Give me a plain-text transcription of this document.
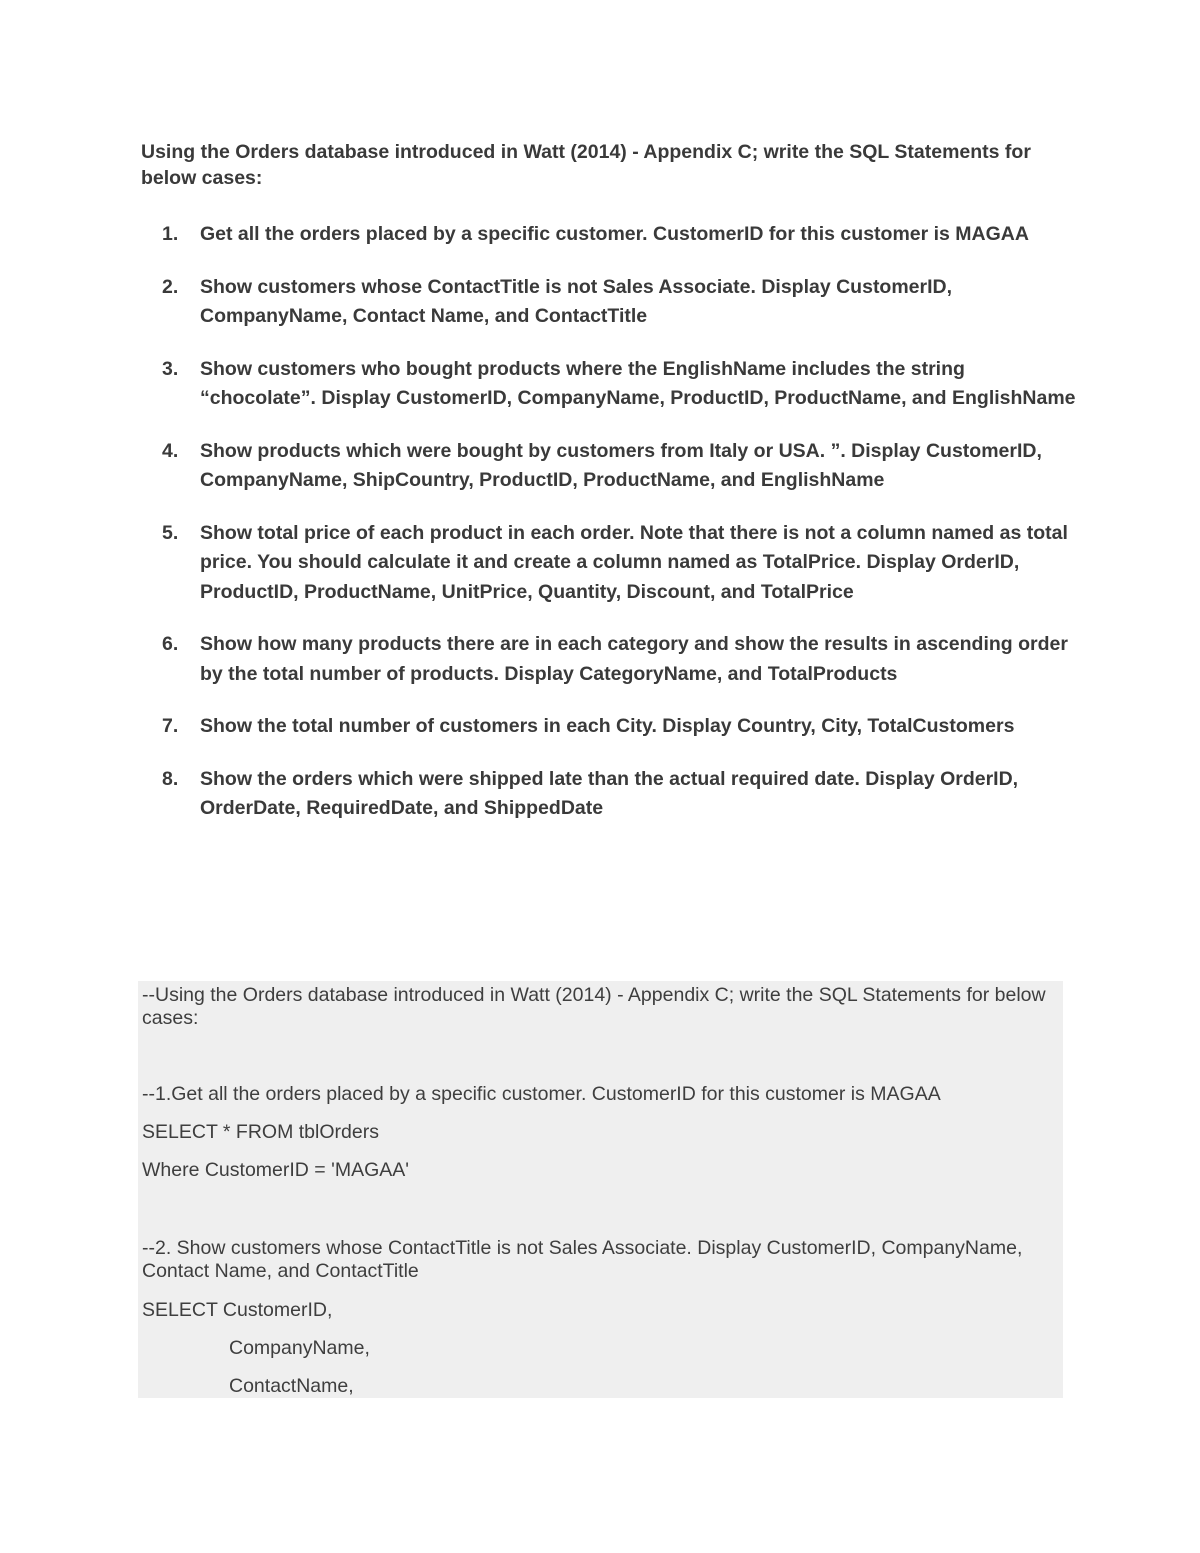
Using the Orders database introduced in Watt (2014) - Appendix C; write the SQL Statements for below cases:

1. Get all the orders placed by a specific customer. CustomerID for this customer is MAGAA
2. Show customers whose ContactTitle is not Sales Associate. Display CustomerID, CompanyName, Contact Name, and ContactTitle
3. Show customers who bought products where the EnglishName includes the string “chocolate”. Display CustomerID, CompanyName, ProductID, ProductName, and EnglishName
4. Show products which were bought by customers from Italy or USA. ”. Display CustomerID, CompanyName, ShipCountry, ProductID, ProductName, and EnglishName
5. Show total price of each product in each order. Note that there is not a column named as total price. You should calculate it and create a column named as TotalPrice. Display OrderID, ProductID, ProductName, UnitPrice, Quantity, Discount, and TotalPrice
6. Show how many products there are in each category and show the results in ascending order by the total number of products. Display CategoryName, and TotalProducts
7. Show the total number of customers in each City. Display Country, City, TotalCustomers
8. Show the orders which were shipped late than the actual required date. Display OrderID, OrderDate, RequiredDate, and ShippedDate
--Using the Orders database introduced in Watt (2014) - Appendix C; write the SQL Statements for below cases:
--1.Get all the orders placed by a specific customer. CustomerID for this customer is MAGAA
SELECT * FROM tblOrders
Where CustomerID = 'MAGAA'
--2. Show customers whose ContactTitle is not Sales Associate. Display CustomerID, CompanyName, Contact Name, and ContactTitle
SELECT CustomerID,
CompanyName,
ContactName,
